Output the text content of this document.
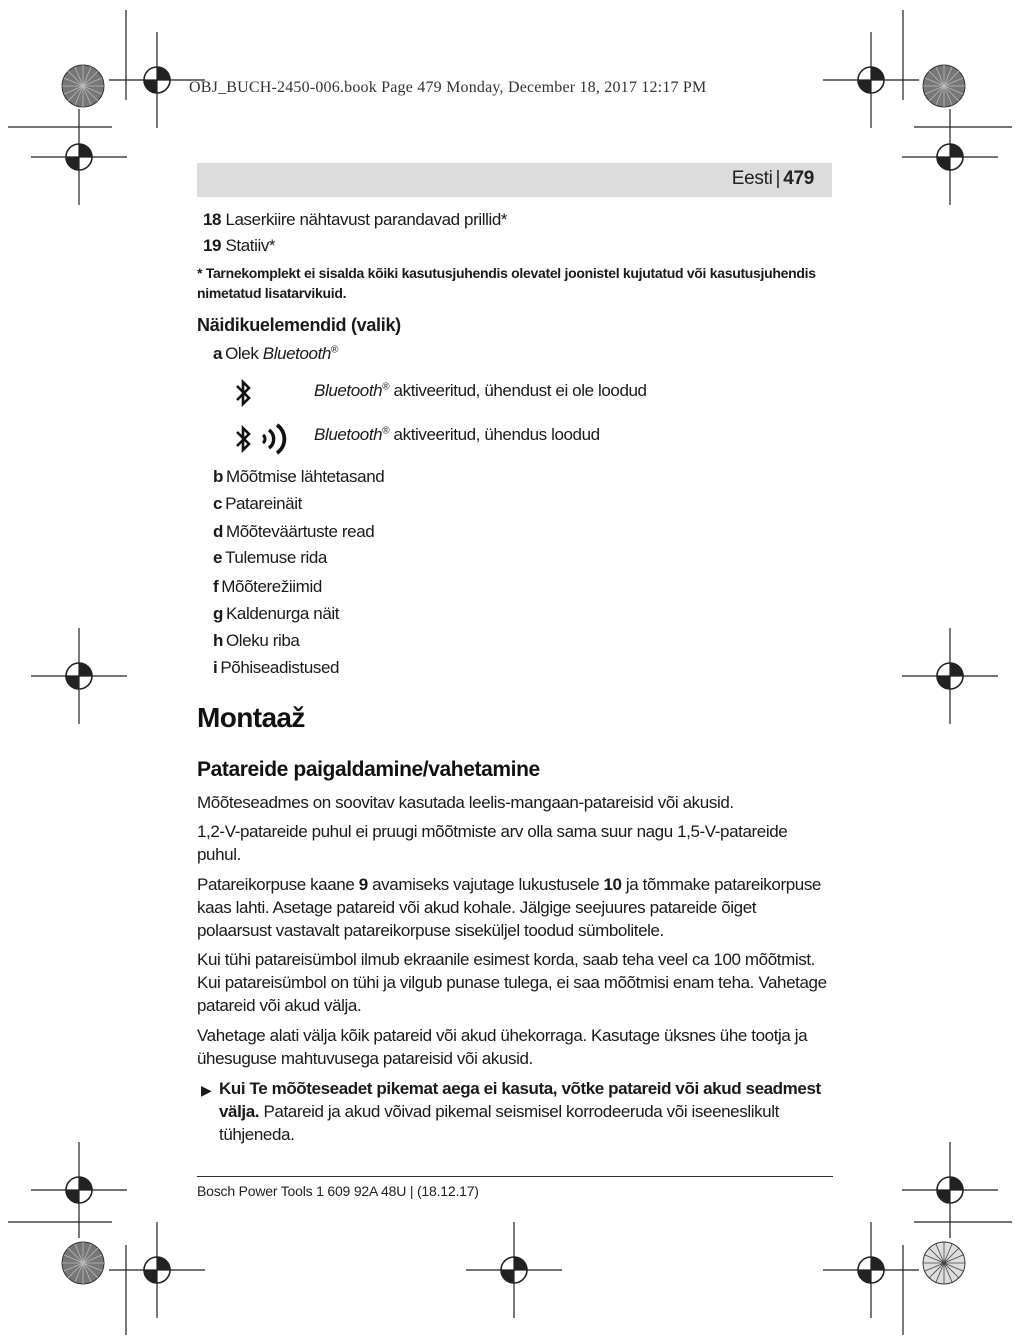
OBJ_BUCH-2450-006.book Page 479 Monday, December 18, 2017 12:17 PM
Eesti | 479
18 Laserkiire nähtavust parandavad prillid*
19 Statiiv*
* Tarnekomplekt ei sisalda kõiki kasutusjuhendis olevatel joonistel kujutatud või kasutusjuhendis nimetatud lisatarvikuid.
Näidikuelemendid (valik)
a Olek Bluetooth®
Bluetooth® aktiveeritud, ühendust ei ole loodud
Bluetooth® aktiveeritud, ühendus loodud
b Mõõtmise lähtetasand
c Patareinäit
d Mõõteväärtuste read
e Tulemuse rida
f Mõõterežiimid
g Kaldenurga näit
h Oleku riba
i Põhiseadistused
Montaaž
Patareide paigaldamine/vahetamine
Mõõteseadmes on soovitav kasutada leelis-mangaan-patareisid või akusid.
1,2-V-patareide puhul ei pruugi mõõtmiste arv olla sama suur nagu 1,5-V-patareide puhul.
Patareikorpuse kaane 9 avamiseks vajutage lukustusele 10 ja tõmmake patareikorpuse kaas lahti. Asetage patareid või akud kohale. Jälgige seejuures patareide õiget polaarsust vastavalt patareikorpuse siseküljel toodud sümbolitele.
Kui tühi patareisümbol ilmub ekraanile esimest korda, saab teha veel ca 100 mõõtmist. Kui patareisümbol on tühi ja vilgub punase tulega, ei saa mõõtmisi enam teha. Vahetage patareid või akud välja.
Vahetage alati välja kõik patareid või akud ühekorraga. Kasutage üksnes ühe tootja ja ühesuguse mahtuvusega patareisid või akusid.
▶ Kui Te mõõteseadet pikemat aega ei kasuta, võtke patareid või akud seadmest välja. Patareid ja akud võivad pikemal seismisel korrodeeruda või iseeneslikult tühjeneda.
Bosch Power Tools 1 609 92A 48U | (18.12.17)
